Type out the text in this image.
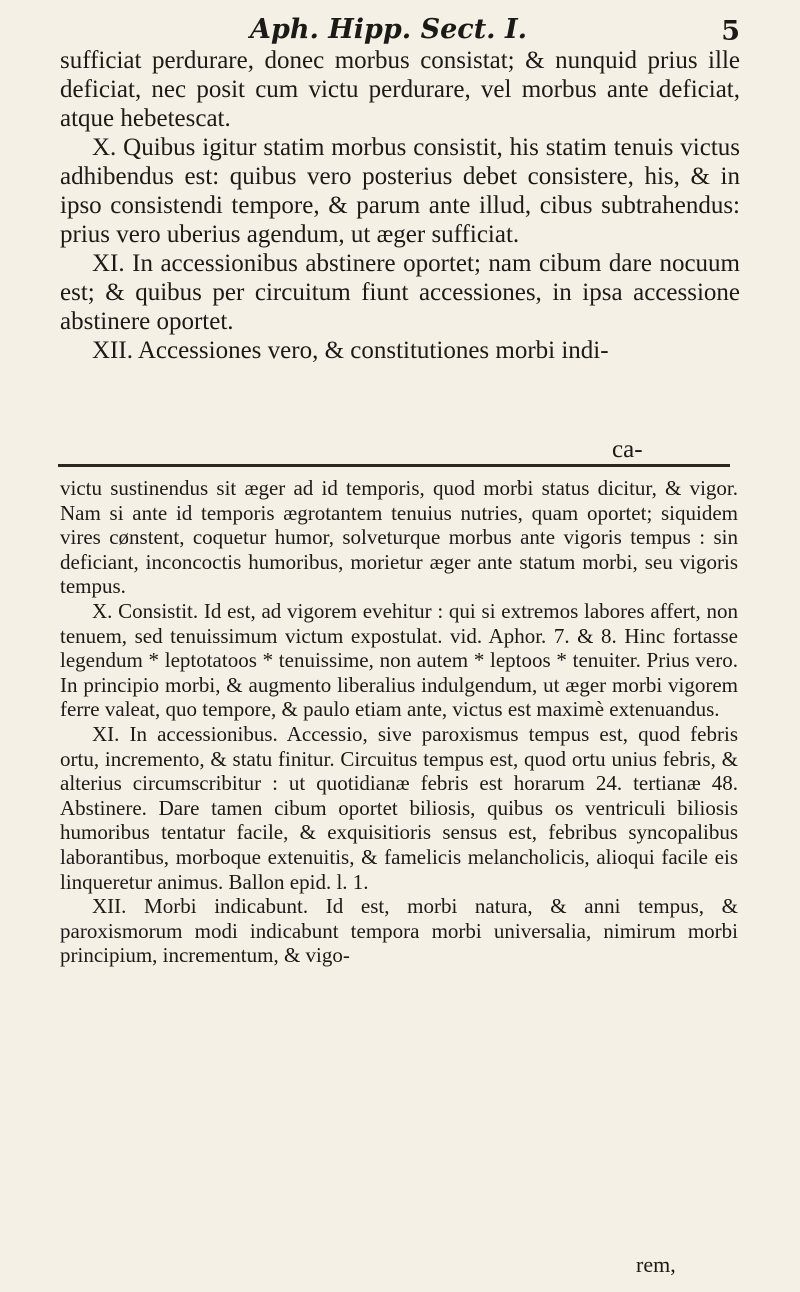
Aph. Hipp. Sect. I.	5

sufficiat perdurare, donec morbus consistat; & nunquid prius ille deficiat, nec posit cum victu perdurare, vel morbus ante deficiat, atque hebetescat.

X. Quibus igitur statim morbus consistit, his statim tenuis victus adhibendus est: quibus vero posterius debet consistere, his, & in ipso consistendi tempore, & parum ante illud, cibus subtrahendus: prius vero uberius agendum, ut æger sufficiat.

XI. In accessionibus abstinere oportet; nam cibum dare nocuum est; & quibus per circuitum fiunt accessiones, in ipsa accessione abstinere oportet.

XII. Accessiones vero, & constitutiones morbi indi-

ca-

victu sustinendus sit æger ad id temporis, quod morbi status dicitur, & vigor. Nam si ante id temporis ægrotantem tenuius nutries, quam oportet; siquidem vires cønstent, coquetur humor, solveturque morbus ante vigoris tempus : sin deficiant, inconcoctis humoribus, morietur æger ante statum morbi, seu vigoris tempus.

X. Consistit. Id est, ad vigorem evehitur : qui si extremos labores affert, non tenuem, sed tenuissimum victum expostulat. vid. Aphor. 7. & 8. Hinc fortasse legendum * leptotatoos * tenuissime, non autem * leptoos * tenuiter. Prius vero. In principio morbi, & augmento liberalius indulgendum, ut æger morbi vigorem ferre valeat, quo tempore, & paulo etiam ante, victus est maximè extenuandus.

XI. In accessionibus. Accessio, sive paroxismus tempus est, quod febris ortu, incremento, & statu finitur. Circuitus tempus est, quod ortu unius febris, & alterius circumscribitur : ut quotidianæ febris est horarum 24. tertianæ 48. Abstinere. Dare tamen cibum oportet biliosis, quibus os ventriculi biliosis humoribus tentatur facile, & exquisitioris sensus est, febribus syncopalibus laborantibus, morboque extenuitis, & famelicis melancholicis, alioqui facile eis linqueretur animus. Ballon epid. l. 1.

XII. Morbi indicabunt. Id est, morbi natura, & anni tempus, & paroxismorum modi indicabunt tempora morbi universalia, nimirum morbi principium, incrementum, & vigo-

rem,
